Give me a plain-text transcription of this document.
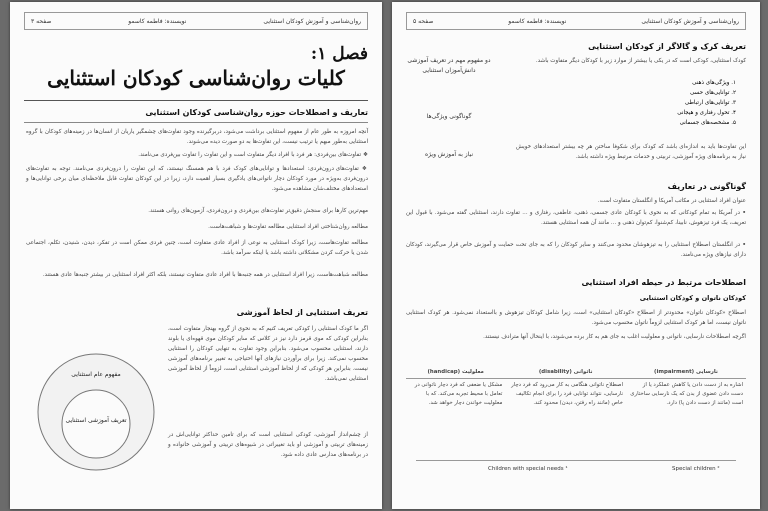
روان‌شناسی و آموزش کودکان استثنایی
نویسنده: فاطمه کاسمو
صفحه ۳
فصل ۱:
کلیات روان‌شناسی کودکان استثنایی
تعاریف و اصطلاحات حوزه روان‌شناسی کودکان استثنایی
آنچه امروزه به طور عام از مفهوم استثنایی برداشت می‌شود، دربرگیرنده وجود تفاوت‌های چشمگیر یاریان از انسان‌ها در زمینه‌های کودکان با گروه استثنایی به‌طور مبهم یا ترتیب نیست، این تفاوت‌ها به دو صورت دیده می‌شوند.
❖ تفاوت‌های بین‌فردی: هر فرد با افراد دیگر متفاوت است و این تفاوت را تفاوت بین‌فردی می‌نامند.
❖ تفاوت‌های درون‌فردی: استعدادها و توانایی‌های کودک فرد با هم همسنگ نیستند، که این تفاوت را درون‌فردی می‌نامند. توجه به تفاوت‌های درون‌فردی به‌ویژه در مورد کودکان دچار ناتوانی‌های یادگیری بسیار اهمیت دارد، زیرا در این کودکان تفاوت قابل ملاحظه‌ای میان برخی توانایی‌ها و استعدادهای مختلف‌شان مشاهده می‌شود.
مهم‌ترین کارها برای سنجش دقیق‌تر تفاوت‌های بین‌فردی و درون‌فردی، آزمون‌های روانی هستند.
مطالعه روان‌شناختی افراد استثنایی مطالعه تفاوت‌ها و شباهت‌هاست.
مطالعه تفاوت‌هاست، زیرا کودک استثنایی به نوعی از افراد عادی متفاوت است، چنین فردی ممکن است در تفکر، دیدن، شنیدن، تکلم، اجتماعی شدن یا حرکت کردن مشکلاتی داشته باشد یا اینکه سرآمد باشد.
مطالعه شباهت‌هاست، زیرا افراد استثنایی در همه جنبه‌ها با افراد عادی متفاوت نیستند، بلکه اکثر افراد استثنایی در بیشتر جنبه‌ها عادی هستند.
تعریف استثنایی از لحاظ آموزشی
اگر ما کودک استثنایی را کودکی تعریف کنیم که به نحوی از گروه بهنجار متفاوت است، بنابراین کودکی که موی قرمز دارد نیز در کلاس که سایر کودکان موی قهوه‌ای یا بلوند دارند، استثنایی محسوب می‌شود. بنابراین وجود تفاوت به تنهایی کودکان را استثنایی محسوب نمی‌کند. زیرا برای برآوردن نیازهای آنها احتیاجی به تغییر برنامه‌های آموزشی نیست. بنابراین هر کودکی که از لحاظ آموزشی استثنایی است، لزوماً از لحاظ آموزشی استثنایی نمی‌باشد.
از چشم‌انداز آموزشی، کودکی استثنایی است که برای تامین حداکثر توانایی‌اش در زمینه‌های تربیتی و آموزشی او باید تغییراتی در شیوه‌های تربیتی و آموزشی خانواده و در برنامه‌های مدارس عادی داده شود.
مفهوم عام استثنایی
تعریف آموزشی استثنایی
روان‌شناسی و آموزش کودکان استثنایی
نویسنده: فاطمه کاسمو
صفحه ۵
تعریف کرک و گالاگر از کودکان استثنایی
کودک استثنایی، کودکی است که در یکی یا بیشتر از موارد زیر با کودکان دیگر متفاوت باشد.
۱. ویژگی‌های ذهنی
۲. توانایی‌های حسی
۳. توانایی‌های ارتباطی
۴. تحول رفتاری و هیجانی
۵. مشخصه‌های جسمانی
این تفاوت‌ها باید به اندازه‌ای باشد که کودک برای شکوفا ساختن هر چه بیشتر استعدادهای خویش نیاز به برنامه‌های ویژه آموزشی، تربیتی و خدمات مرتبط ویژه داشته باشد.
دو مفهوم مهم در تعریف آموزشی دانش‌آموزان استثنایی
گوناگونی ویژگی‌ها
نیاز به آموزش ویژه
گوناگونی در تعاریف
عنوان افراد استثنایی در مکاتب آمریکا و انگلستان متفاوت است.
• در آمریکا به تمام کودکانی که به نحوی با کودکان عادی جسمی، ذهنی، عاطفی، رفتاری و ... تفاوت دارند، استثنایی گفته می‌شود. با قبول این تعریف، یک فرد تیزهوش، نابینا، کم‌شنوا، کم‌توان ذهنی و ... مانند آن همه استثنایی هستند.
• در انگلستان اصطلاح استثنایی را به تیزهوشان محدود می‌کنند و سایر کودکان را که به جای تحت حمایت و آموزش خاص قرار می‌گیرند، کودکان دارای نیازهای ویژه می‌نامند.
اصطلاحات مرتبط در حیطه افراد استثنایی
کودکان ناتوان و کودکان استثنایی
اصطلاح «کودکان ناتوان» محدودتر از اصطلاح «کودکان استثنایی» است، زیرا شامل کودکان تیزهوش و بااستعداد نمی‌شود. هر کودک استثنایی ناتوان نیست، اما هر کودک استثنایی لزوماً ناتوان محسوب می‌شود.
اگرچه اصطلاحات نارسایی، ناتوانی و معلولیت اغلب به جای هم به کار برده می‌شوند، با اینحال آنها مترادف نیستند.
نارسایی (impairment)	ناتوانی (disability)	معلولیت (handicap)
اشاره به از دست دادن یا کاهش عملکرد یا از دست دادن عضوی از بدن که یک نارسایی ساختاری است (مانند از دست دادن پا) دارد.	اصطلاح ناتوانی هنگامی به کار می‌رود که فرد دچار نارسایی، نتواند توانایی فرد را برای انجام تکالیف خاص (مانند راه رفتن، دیدن) محدود کند.	مشکل یا ضعفی که فرد دچار ناتوانی در تعامل با محیط تجربه می‌کند. که با معلولیت خواندن دچار خواهد شد.
Children with special needs ¹	Special children ²
